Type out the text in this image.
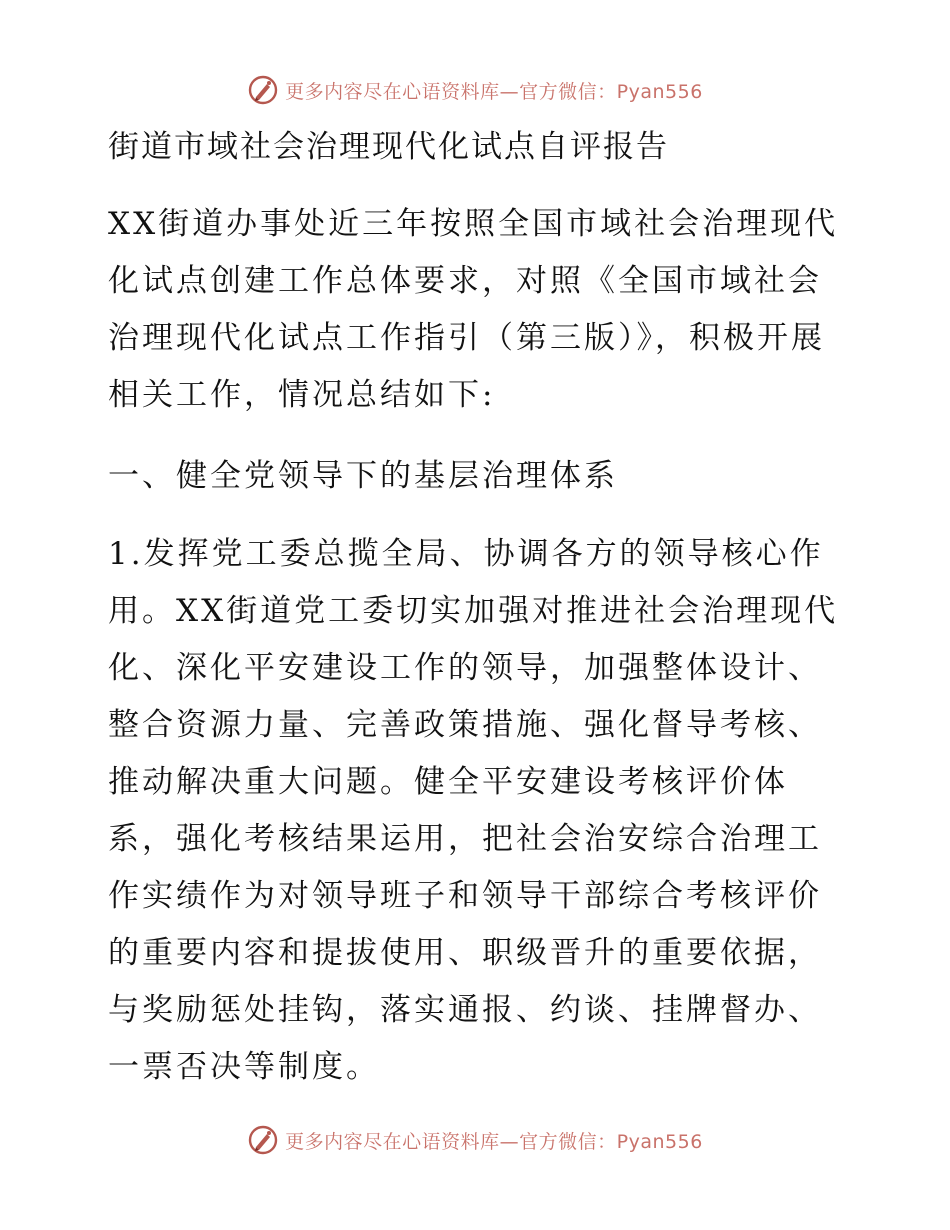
更多内容尽在心语资料库—官方微信：Pyan556
街道市域社会治理现代化试点自评报告

XX街道办事处近三年按照全国市域社会治理现代化试点创建工作总体要求，对照《全国市域社会治理现代化试点工作指引（第三版）》，积极开展相关工作，情况总结如下:

一、健全党领导下的基层治理体系

1.发挥党工委总揽全局、协调各方的领导核心作用。XX街道党工委切实加强对推进社会治理现代化、深化平安建设工作的领导，加强整体设计、整合资源力量、完善政策措施、强化督导考核、推动解决重大问题。健全平安建设考核评价体系，强化考核结果运用，把社会治安综合治理工作实绩作为对领导班子和领导干部综合考核评价的重要内容和提拔使用、职级晋升的重要依据，与奖励惩处挂钩，落实通报、约谈、挂牌督办、一票否决等制度。

更多内容尽在心语资料库—官方微信：Pyan556
